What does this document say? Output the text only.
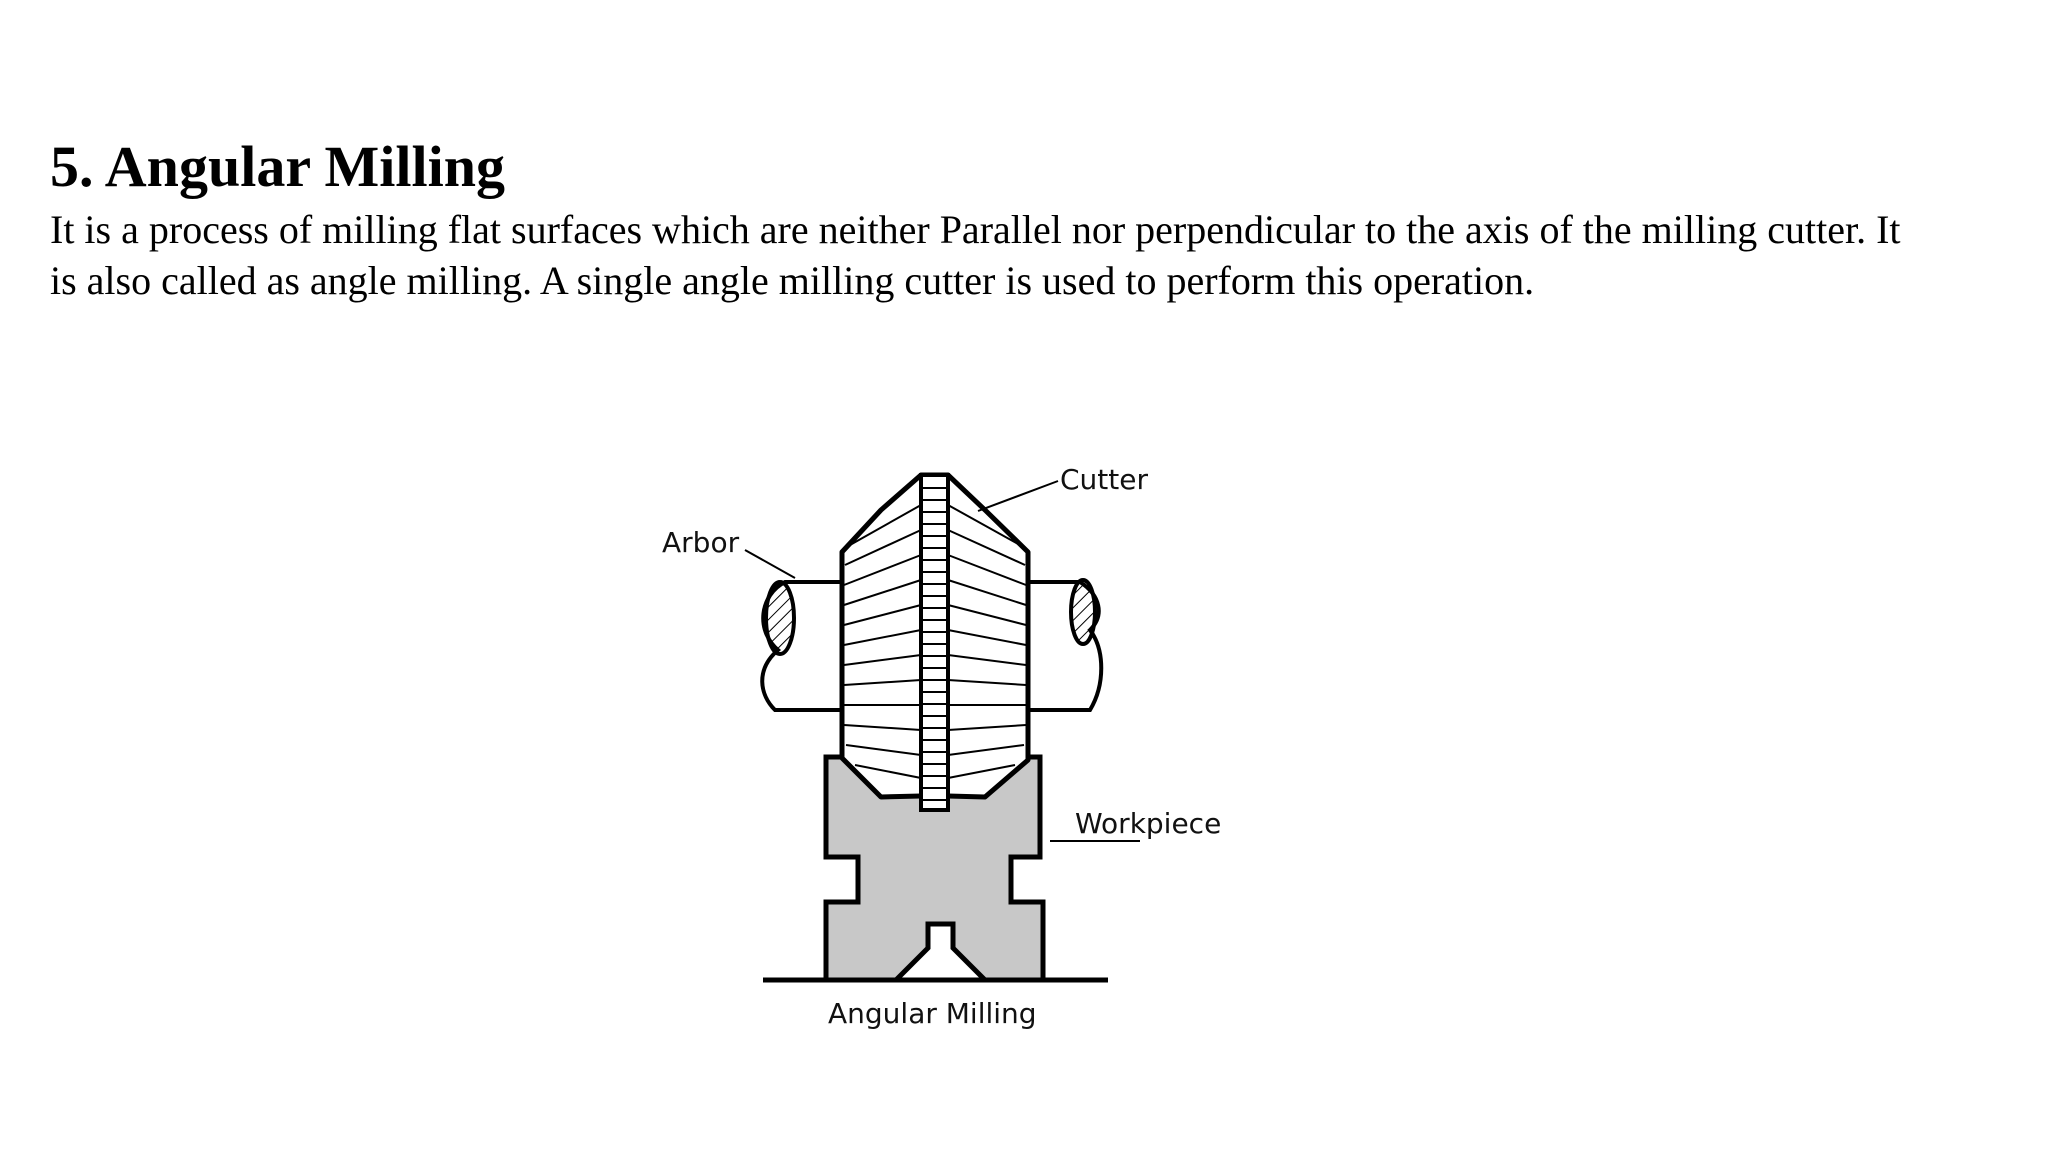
5. Angular Milling
It is a process of milling flat surfaces which are neither Parallel nor perpendicular to the axis of the milling cutter. It
is also called as angle milling. A single angle milling cutter is used to perform this operation.
Cutter
Arbor
Workpiece
Angular Milling
